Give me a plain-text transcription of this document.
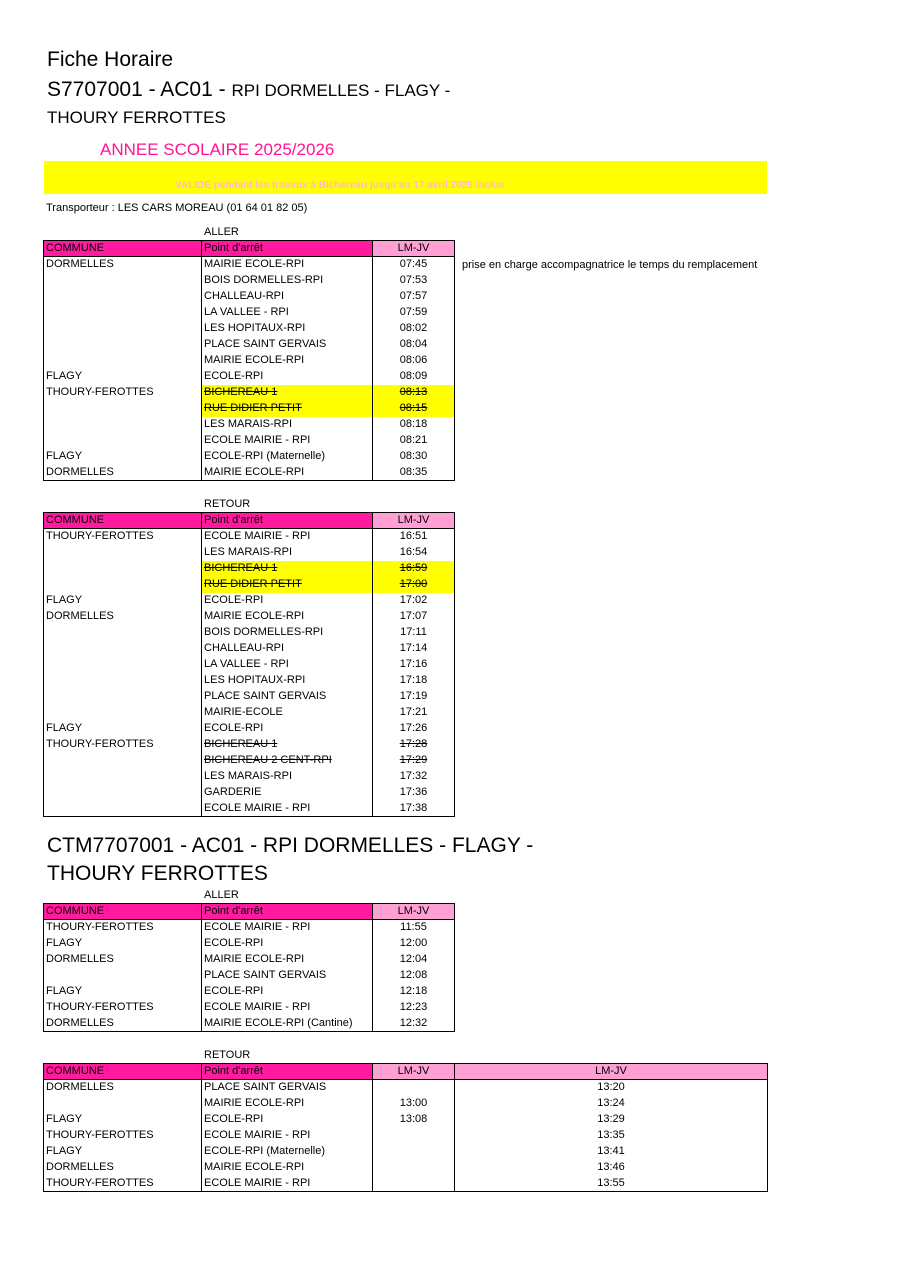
Fiche Horaire
S7707001 - AC01 - RPI DORMELLES - FLAGY -
THOURY FERROTTES
ANNEE SCOLAIRE 2025/2026
VALIDE pendant les travaux à Bichereau jusqu'au 17 avril 2026 inclus
Transporteur : LES CARS MOREAU (01 64 01 82 05)
ALLER
COMMUNE	Point d'arrêt	LM-JV
DORMELLES	MAIRIE ECOLE-RPI	07:45
	BOIS DORMELLES-RPI	07:53
	CHALLEAU-RPI	07:57
	LA VALLEE - RPI	07:59
	LES HOPITAUX-RPI	08:02
	PLACE SAINT GERVAIS	08:04
	MAIRIE ECOLE-RPI	08:06
FLAGY	ECOLE-RPI	08:09
THOURY-FEROTTES	BICHEREAU 1	08:13
	RUE DIDIER PETIT	08:15
	LES MARAIS-RPI	08:18
	ECOLE MAIRIE - RPI	08:21
FLAGY	ECOLE-RPI (Maternelle)	08:30
DORMELLES	MAIRIE ECOLE-RPI	08:35
prise en charge accompagnatrice le temps du remplacement
RETOUR
COMMUNE	Point d'arrêt	LM-JV
THOURY-FEROTTES	ECOLE MAIRIE - RPI	16:51
	LES MARAIS-RPI	16:54
	BICHEREAU 1	16:59
	RUE DIDIER PETIT	17:00
FLAGY	ECOLE-RPI	17:02
DORMELLES	MAIRIE ECOLE-RPI	17:07
	BOIS DORMELLES-RPI	17:11
	CHALLEAU-RPI	17:14
	LA VALLEE - RPI	17:16
	LES HOPITAUX-RPI	17:18
	PLACE SAINT GERVAIS	17:19
	MAIRIE-ECOLE	17:21
FLAGY	ECOLE-RPI	17:26
THOURY-FEROTTES	BICHEREAU 1	17:28
	BICHEREAU 2 CENT-RPI	17:29
	LES MARAIS-RPI	17:32
	GARDERIE	17:36
	ECOLE MAIRIE - RPI	17:38
CTM7707001 - AC01 - RPI DORMELLES - FLAGY -
THOURY FERROTTES
ALLER
COMMUNE	Point d'arrêt	LM-JV
THOURY-FEROTTES	ECOLE MAIRIE - RPI	11:55
FLAGY	ECOLE-RPI	12:00
DORMELLES	MAIRIE ECOLE-RPI	12:04
	PLACE SAINT GERVAIS	12:08
FLAGY	ECOLE-RPI	12:18
THOURY-FEROTTES	ECOLE MAIRIE - RPI	12:23
DORMELLES	MAIRIE ECOLE-RPI (Cantine)	12:32
RETOUR
COMMUNE	Point d'arrêt	LM-JV	LM-JV
DORMELLES	PLACE SAINT GERVAIS		13:20
	MAIRIE ECOLE-RPI	13:00	13:24
FLAGY	ECOLE-RPI	13:08	13:29
THOURY-FEROTTES	ECOLE MAIRIE - RPI		13:35
FLAGY	ECOLE-RPI (Maternelle)		13:41
DORMELLES	MAIRIE ECOLE-RPI		13:46
THOURY-FEROTTES	ECOLE MAIRIE - RPI		13:55
